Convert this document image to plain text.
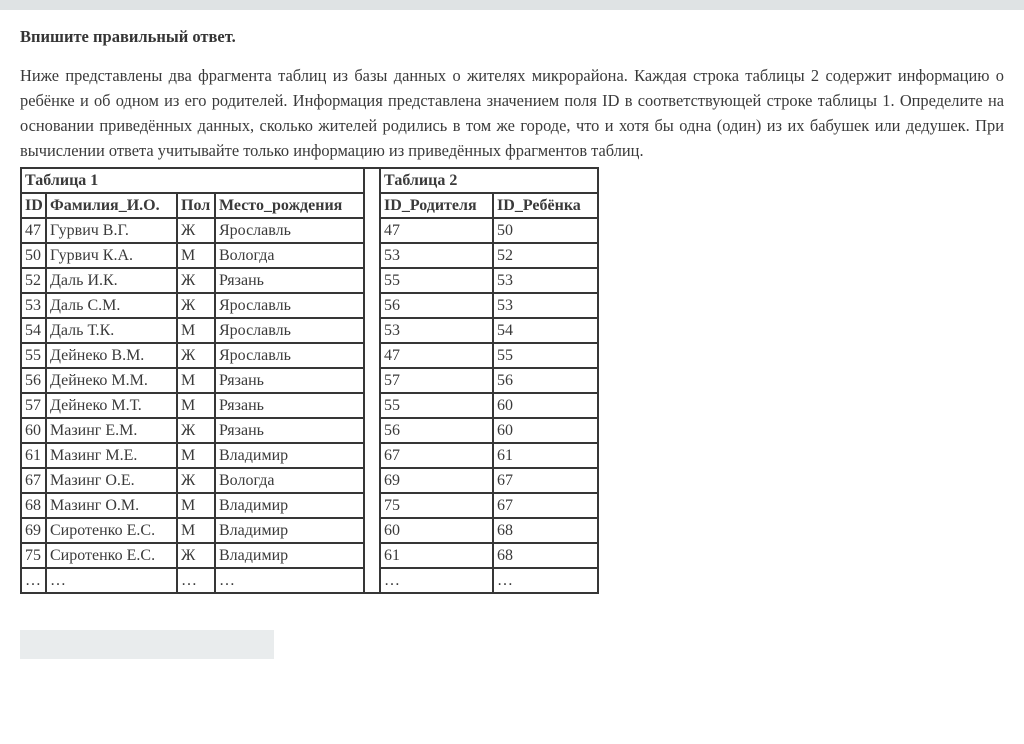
Впишите правильный ответ.

Ниже представлены два фрагмента таблиц из базы данных о жителях микрорайона. Каждая строка таблицы 2 содержит информацию о ребёнке и об одном из его родителей. Информация представлена значением поля ID в соответствующей строке таблицы 1. Определите на основании приведённых данных, сколько жителей родились в том же городе, что и хотя бы одна (один) из их бабушек или дедушек. При вычислении ответа учитывайте только информацию из приведённых фрагментов таблиц.

Таблица 1					Таблица 2	
ID	Фамилия_И.О.	Пол	Место_рождения		ID_Родителя	ID_Ребёнка
47	Гурвич В.Г.	Ж	Ярославль		47	50
50	Гурвич К.А.	М	Вологда		53	52
52	Даль И.К.	Ж	Рязань		55	53
53	Даль С.М.	Ж	Ярославль		56	53
54	Даль Т.К.	М	Ярославль		53	54
55	Дейнеко В.М.	Ж	Ярославль		47	55
56	Дейнеко М.М.	М	Рязань		57	56
57	Дейнеко М.Т.	М	Рязань		55	60
60	Мазинг Е.М.	Ж	Рязань		56	60
61	Мазинг М.Е.	М	Владимир		67	61
67	Мазинг О.Е.	Ж	Вологда		69	67
68	Мазинг О.М.	М	Владимир		75	67
69	Сиротенко Е.С.	М	Владимир		60	68
75	Сиротенко Е.С.	Ж	Владимир		61	68
…	…	…	…		…	…
